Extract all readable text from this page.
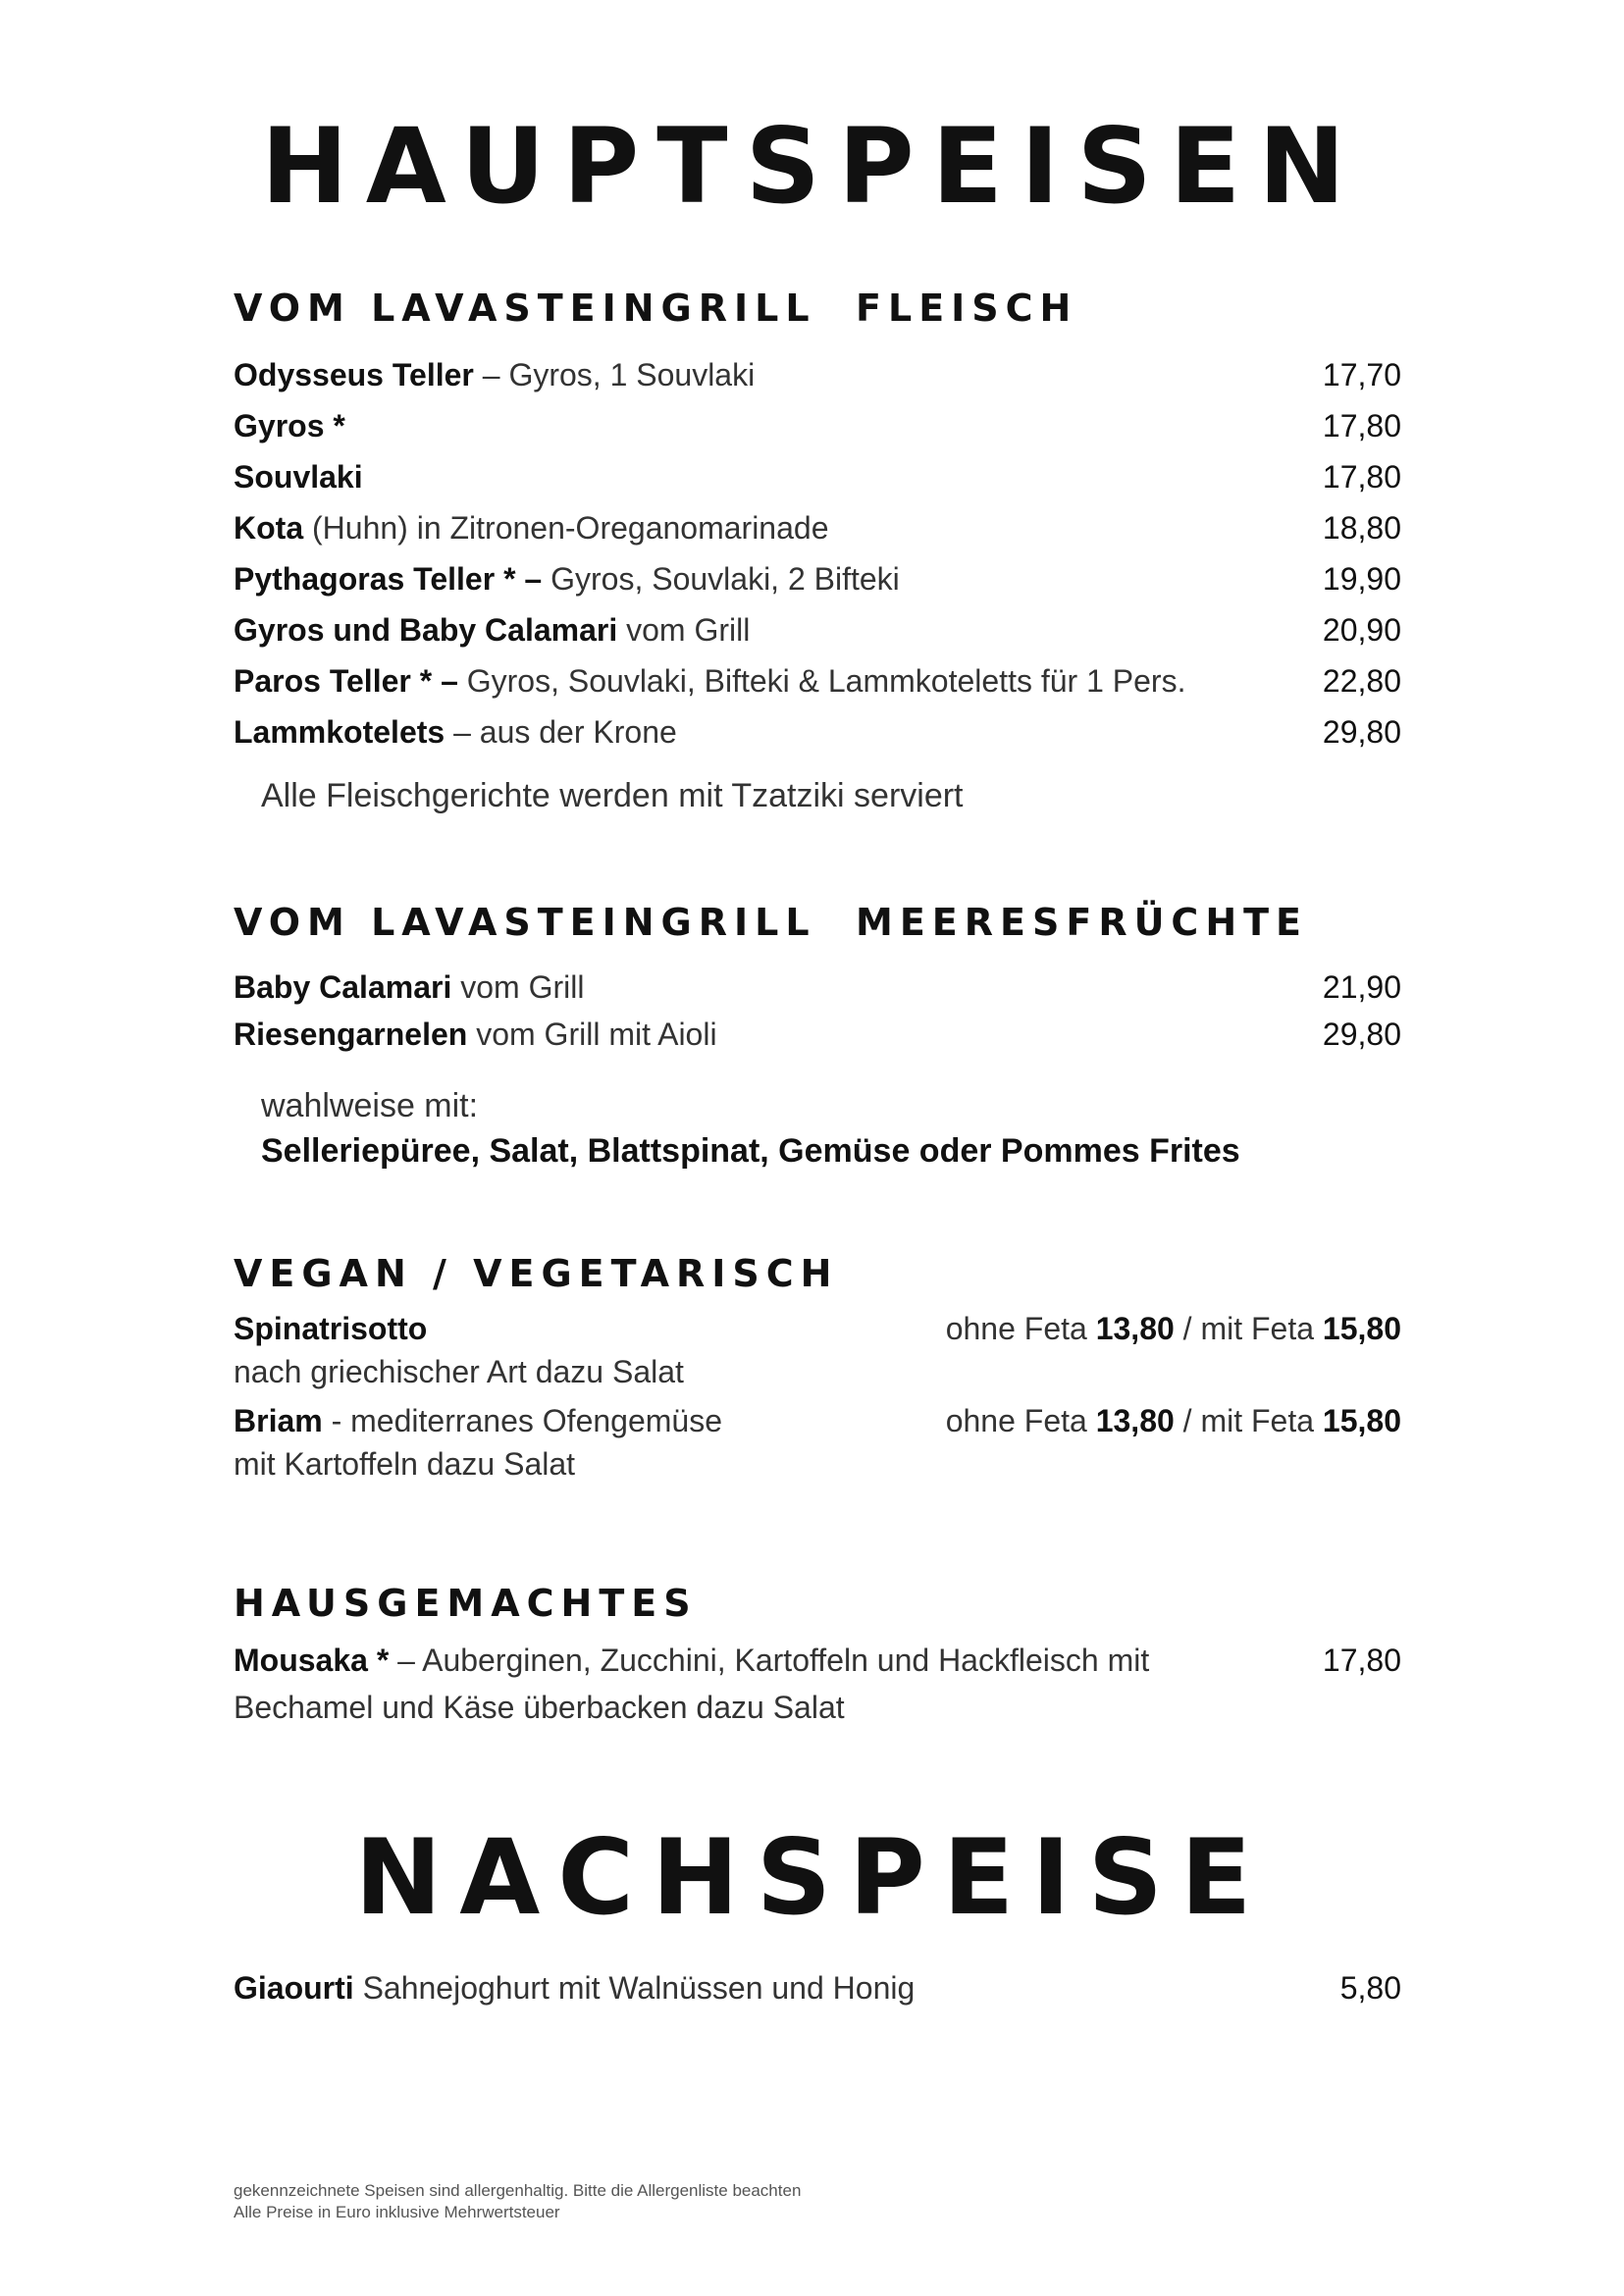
HAUPTSPEISEN
VOM LAVASTEINGRILL  FLEISCH
Odysseus Teller – Gyros, 1 Souvlaki	17,70
Gyros *	17,80
Souvlaki	17,80
Kota (Huhn) in Zitronen-Oreganomarinade	18,80
Pythagoras Teller * – Gyros, Souvlaki, 2 Bifteki	19,90
Gyros und Baby Calamari vom Grill	20,90
Paros Teller * – Gyros, Souvlaki, Bifteki & Lammkoteletts für 1 Pers.	22,80
Lammkotelets – aus der Krone	29,80
Alle Fleischgerichte werden mit Tzatziki serviert
VOM LAVASTEINGRILL  MEERESFRÜCHTE
Baby Calamari vom Grill	21,90
Riesengarnelen vom Grill mit Aioli	29,80
wahlweise mit:
Selleriepüree, Salat, Blattspinat, Gemüse oder Pommes Frites
VEGAN / VEGETARISCH
Spinatrisotto	ohne Feta 13,80 / mit Feta 15,80
nach griechischer Art dazu Salat
Briam - mediterranes Ofengemüse	ohne Feta 13,80 / mit Feta 15,80
mit Kartoffeln dazu Salat
HAUSGEMACHTES
Mousaka * – Auberginen, Zucchini, Kartoffeln und Hackfleisch mit	17,80
Bechamel und Käse überbacken dazu Salat
NACHSPEISE
Giaourti Sahnejoghurt mit Walnüssen und Honig	5,80
gekennzeichnete Speisen sind allergenhaltig. Bitte die Allergenliste beachten
Alle Preise in Euro inklusive Mehrwertsteuer
